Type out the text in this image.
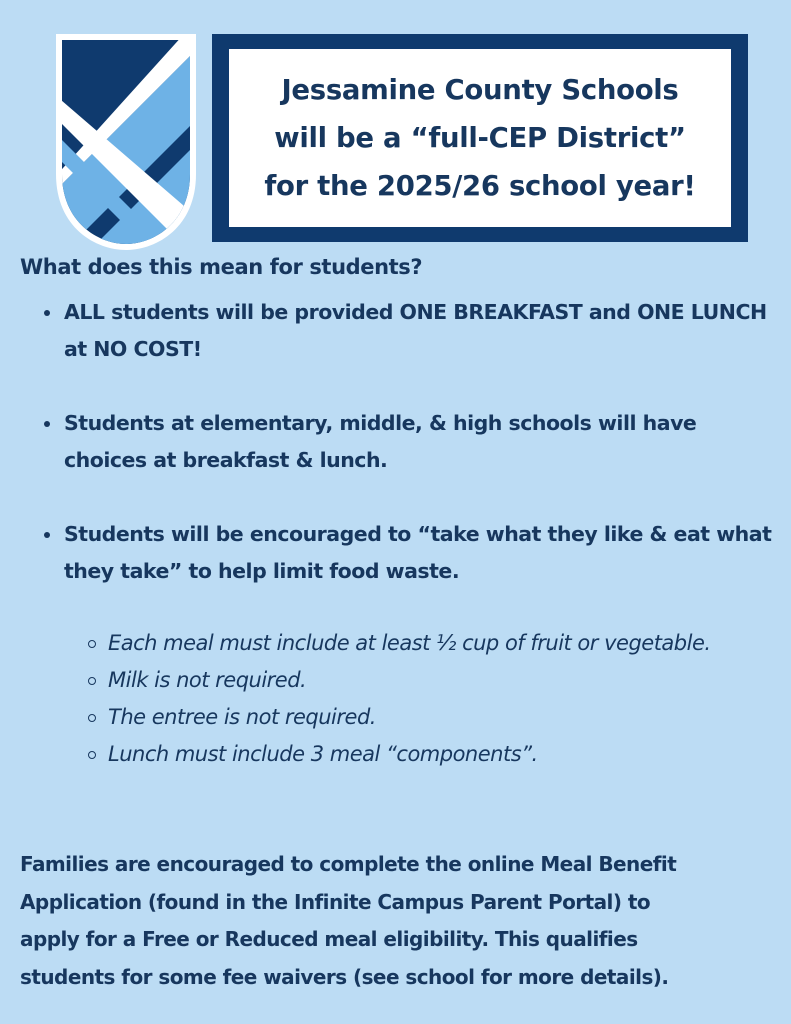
Jessamine County Schools
will be a “full-CEP District”
for the 2025/26 school year!
What does this mean for students?
ALL students will be provided ONE BREAKFAST and ONE LUNCH at NO COST!
Students at elementary, middle, & high schools will have choices at breakfast & lunch.
Students will be encouraged to “take what they like & eat what they take” to help limit food waste.
Each meal must include at least ½ cup of fruit or vegetable.
Milk is not required.
The entree is not required.
Lunch must include 3 meal “components”.

Families are encouraged to complete the online Meal Benefit
Application (found in the Infinite Campus Parent Portal) to
apply for a Free or Reduced meal eligibility. This qualifies
students for some fee waivers (see school for more details).
